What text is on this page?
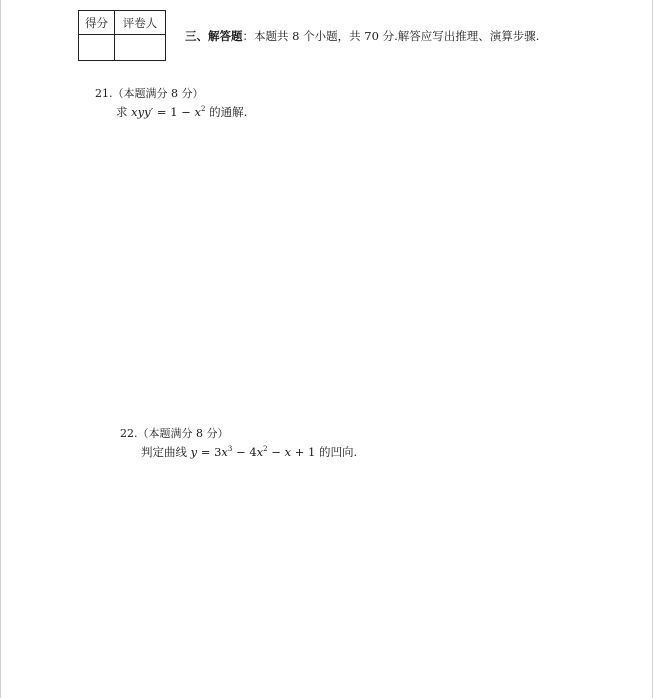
得分	评卷人

三、解答题：本题共 8 个小题，共 70 分.解答应写出推理、演算步骤.
21.（本题满分 8 分）
求 $xyy' = 1 - x^2$ 的通解.
22.（本题满分 8 分）
判定曲线 $y = 3x^3 - 4x^2 - x + 1$ 的凹向.
